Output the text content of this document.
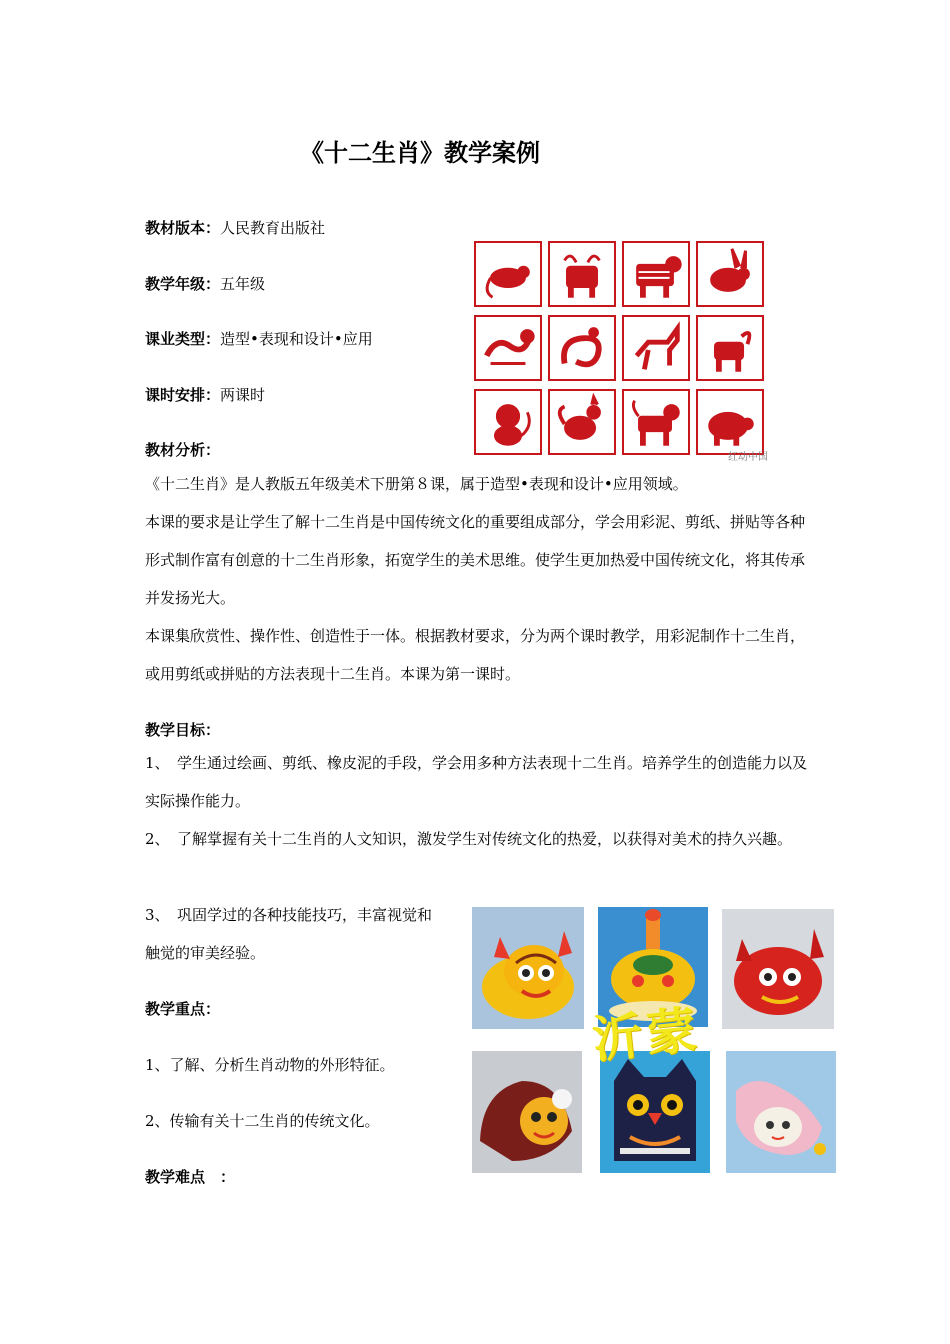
《十二生肖》教学案例
教材版本：人民教育出版社
教学年级：五年级
课业类型：造型•表现和设计•应用
课时安排：两课时
教材分析：
《十二生肖》是人教版五年级美术下册第８课，属于造型•表现和设计•应用领域。
本课的要求是让学生了解十二生肖是中国传统文化的重要组成部分，学会用彩泥、剪纸、拼贴等各种形式制作富有创意的十二生肖形象，拓宽学生的美术思维。使学生更加热爱中国传统文化，将其传承并发扬光大。
本课集欣赏性、操作性、创造性于一体。根据教材要求，分为两个课时教学，用彩泥制作十二生肖，或用剪纸或拼贴的方法表现十二生肖。本课为第一课时。
教学目标：
1、　学生通过绘画、剪纸、橡皮泥的手段，学会用多种方法表现十二生肖。培养学生的创造能力以及实际操作能力。
2、　了解掌握有关十二生肖的人文知识，激发学生对传统文化的热爱，以获得对美术的持久兴趣。
3、　巩固学过的各种技能技巧，丰富视觉和触觉的审美经验。
教学重点：
1、了解、分析生肖动物的外形特征。
2、传输有关十二生肖的传统文化。
教学难点　：
红动中国
沂蒙
